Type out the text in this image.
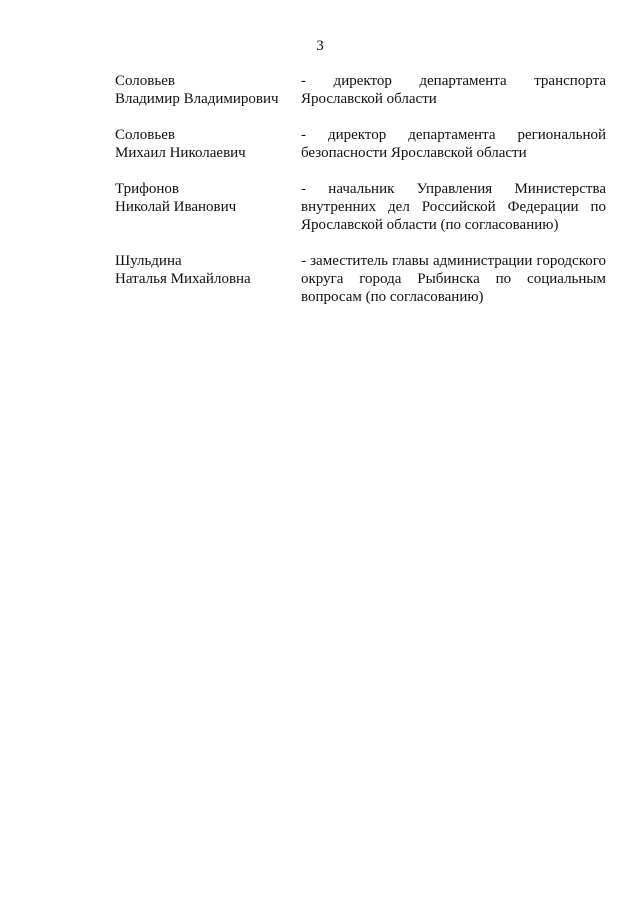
3
Соловьев
Владимир Владимирович
- директор департамента транспорта Ярославской области
Соловьев
Михаил Николаевич
- директор департамента региональной безопасности Ярославской области
Трифонов
Николай Иванович
- начальник Управления Министерства внутренних дел Российской Федерации по Ярославской области (по согласованию)
Шульдина
Наталья Михайловна
- заместитель главы администрации городского округа города Рыбинска по социальным вопросам (по согласованию)
